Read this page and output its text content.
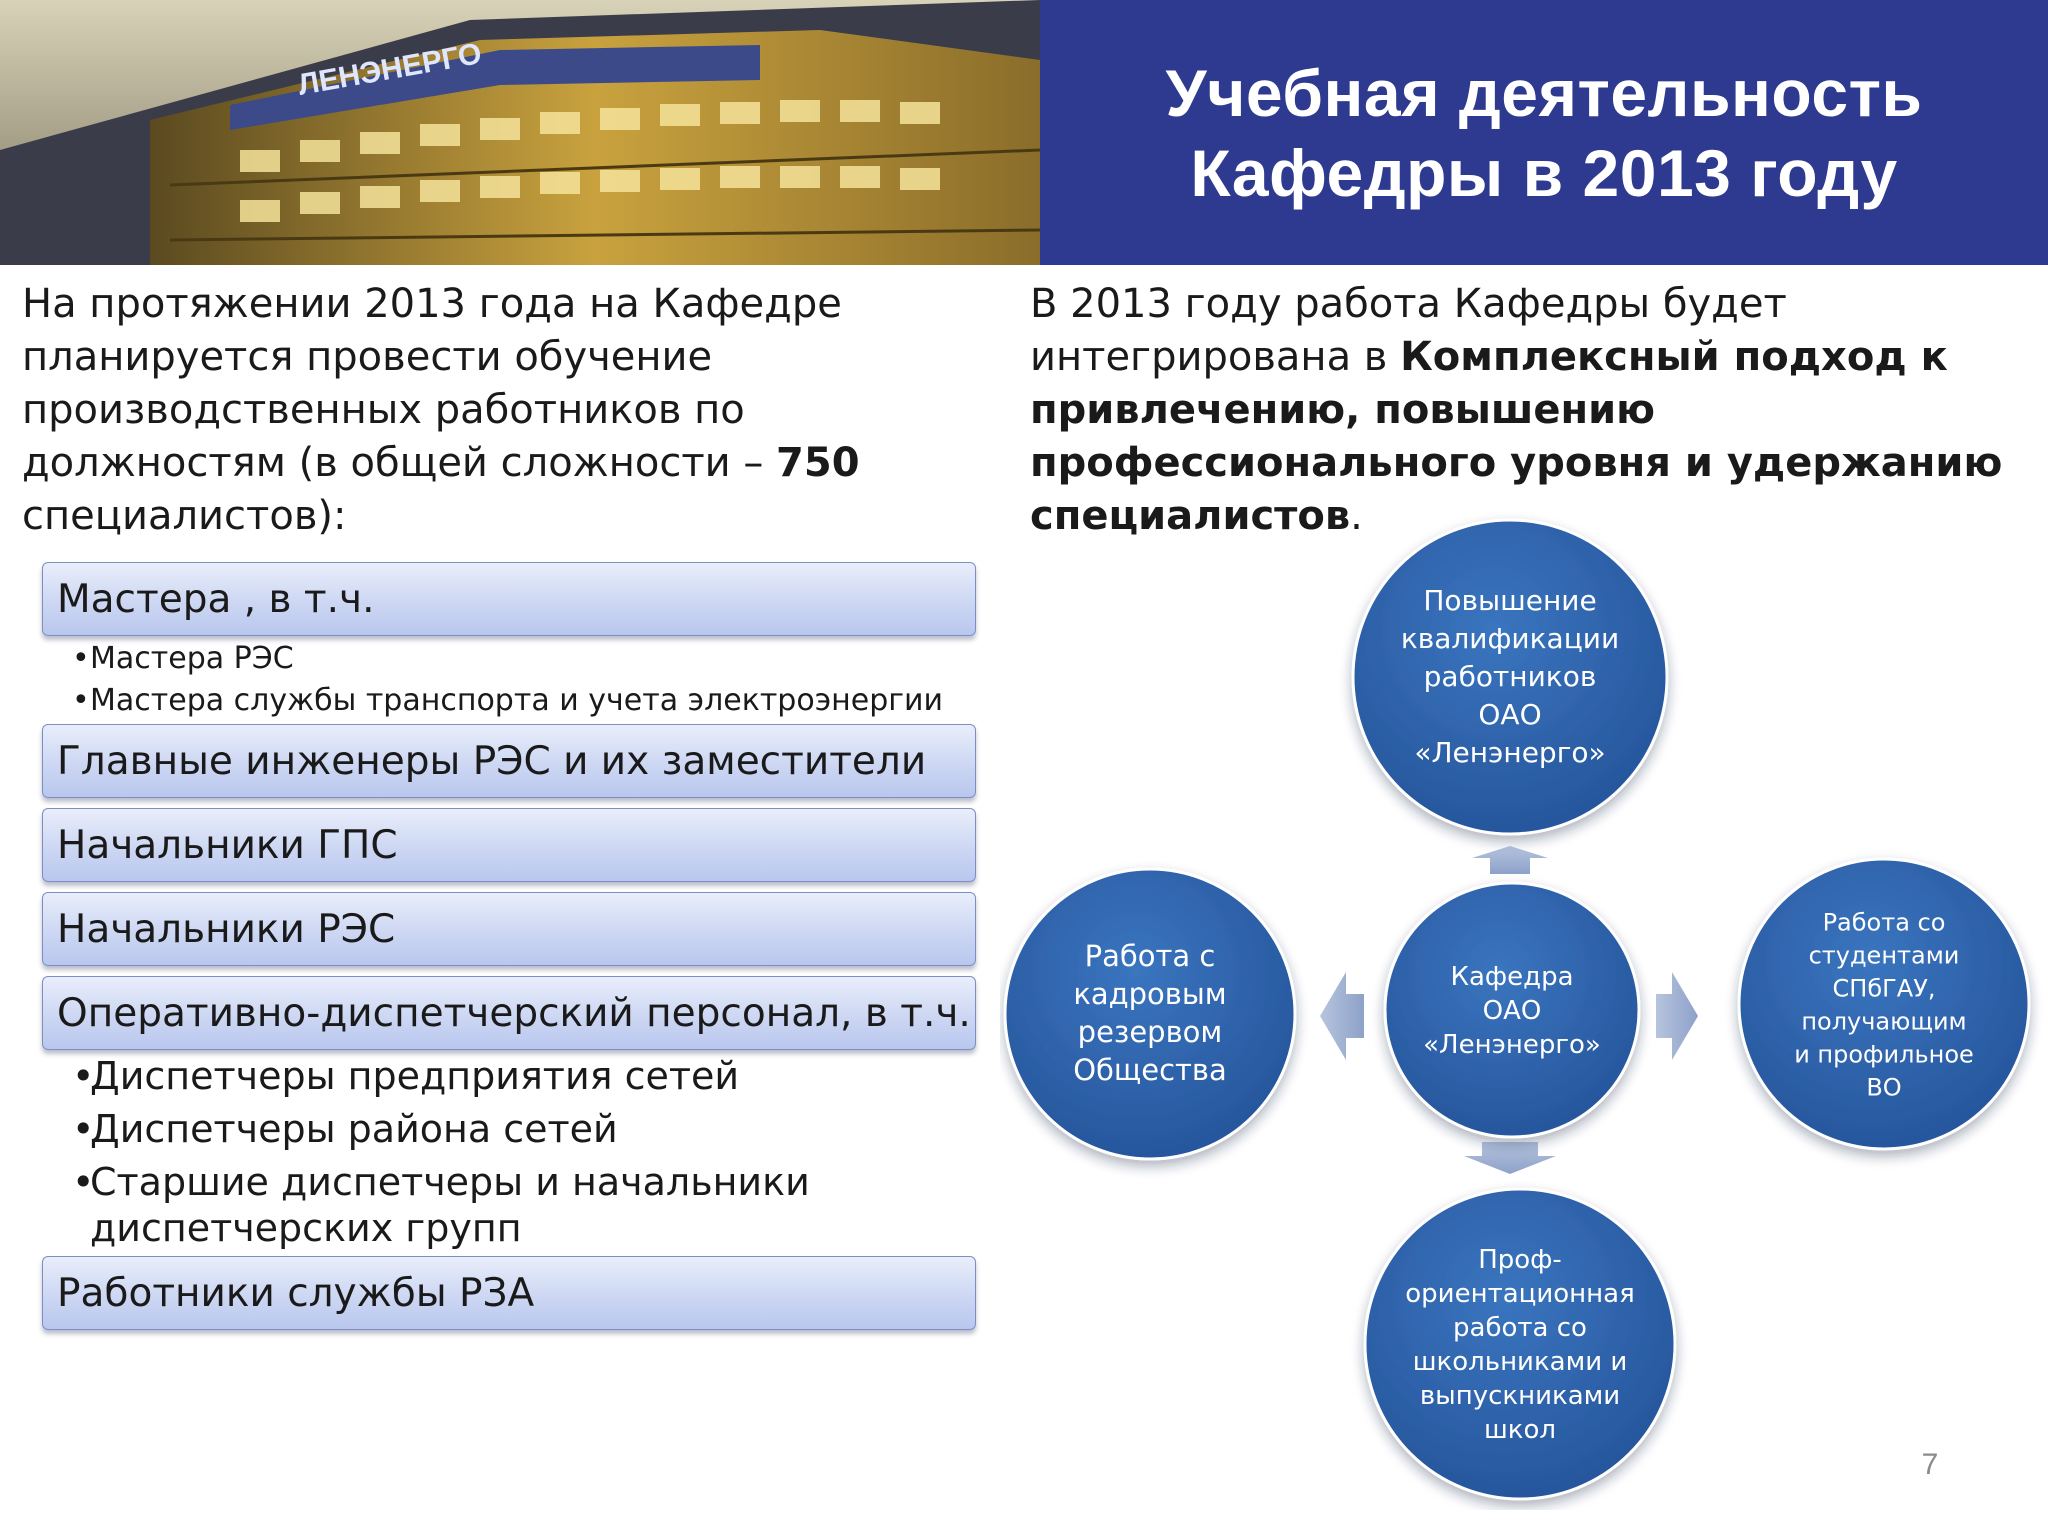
ЛЕНЭНЕРГО	Учебная деятельность
Кафедры в 2013 году
На протяжении 2013 года на Кафедре планируется провести обучение производственных работников по должностям (в общей сложности – 750 специалистов):
В 2013 году работа Кафедры будет интегрирована в Комплексный подход к привлечению, повышению профессионального уровня и удержанию специалистов.
Мастера , в т.ч.
•Мастера РЭС
•Мастера службы транспорта и учета электроэнергии
Главные инженеры РЭС и их заместители
Начальники ГПС
Начальники РЭС
Оперативно-диспетчерский персонал, в т.ч.
•Диспетчеры предприятия сетей
•Диспетчеры района сетей
•Старшие диспетчеры и начальники
диспетчерских групп
Работники службы РЗА
Повышение
квалификации
работников
ОАО
«Ленэнерго»
Кафедра
ОАО
«Ленэнерго»
Работа с
кадровым
резервом
Общества
Работа со
студентами
СПбГАУ,
получающим
и профильное
ВО
Проф-
ориентационная
работа со
школьниками и
выпускниками
школ
7
